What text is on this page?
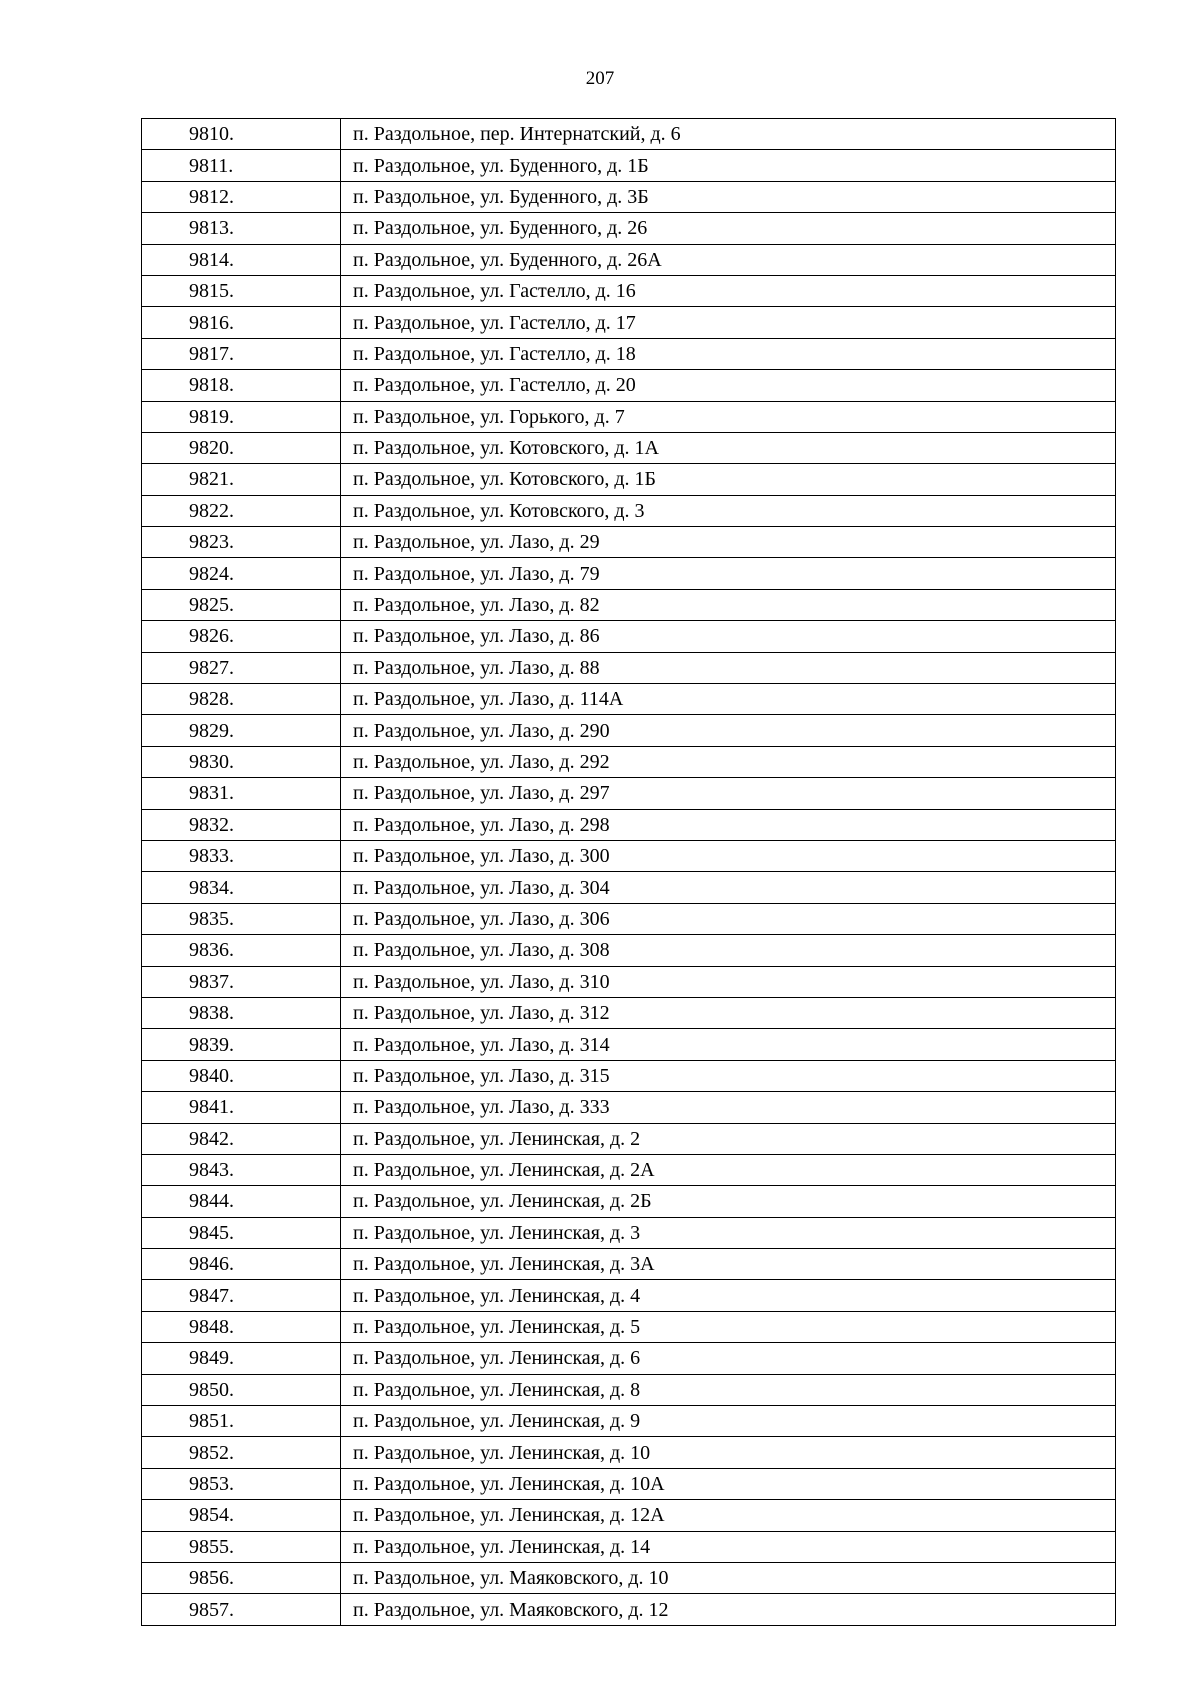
207
9810.	п. Раздольное, пер. Интернатский, д. 6
9811.	п. Раздольное, ул. Буденного, д. 1Б
9812.	п. Раздольное, ул. Буденного, д. 3Б
9813.	п. Раздольное, ул. Буденного, д. 26
9814.	п. Раздольное, ул. Буденного, д. 26А
9815.	п. Раздольное, ул. Гастелло, д. 16
9816.	п. Раздольное, ул. Гастелло, д. 17
9817.	п. Раздольное, ул. Гастелло, д. 18
9818.	п. Раздольное, ул. Гастелло, д. 20
9819.	п. Раздольное, ул. Горького, д. 7
9820.	п. Раздольное, ул. Котовского, д. 1А
9821.	п. Раздольное, ул. Котовского, д. 1Б
9822.	п. Раздольное, ул. Котовского, д. 3
9823.	п. Раздольное, ул. Лазо, д. 29
9824.	п. Раздольное, ул. Лазо, д. 79
9825.	п. Раздольное, ул. Лазо, д. 82
9826.	п. Раздольное, ул. Лазо, д. 86
9827.	п. Раздольное, ул. Лазо, д. 88
9828.	п. Раздольное, ул. Лазо, д. 114А
9829.	п. Раздольное, ул. Лазо, д. 290
9830.	п. Раздольное, ул. Лазо, д. 292
9831.	п. Раздольное, ул. Лазо, д. 297
9832.	п. Раздольное, ул. Лазо, д. 298
9833.	п. Раздольное, ул. Лазо, д. 300
9834.	п. Раздольное, ул. Лазо, д. 304
9835.	п. Раздольное, ул. Лазо, д. 306
9836.	п. Раздольное, ул. Лазо, д. 308
9837.	п. Раздольное, ул. Лазо, д. 310
9838.	п. Раздольное, ул. Лазо, д. 312
9839.	п. Раздольное, ул. Лазо, д. 314
9840.	п. Раздольное, ул. Лазо, д. 315
9841.	п. Раздольное, ул. Лазо, д. 333
9842.	п. Раздольное, ул. Ленинская, д. 2
9843.	п. Раздольное, ул. Ленинская, д. 2А
9844.	п. Раздольное, ул. Ленинская, д. 2Б
9845.	п. Раздольное, ул. Ленинская, д. 3
9846.	п. Раздольное, ул. Ленинская, д. 3А
9847.	п. Раздольное, ул. Ленинская, д. 4
9848.	п. Раздольное, ул. Ленинская, д. 5
9849.	п. Раздольное, ул. Ленинская, д. 6
9850.	п. Раздольное, ул. Ленинская, д. 8
9851.	п. Раздольное, ул. Ленинская, д. 9
9852.	п. Раздольное, ул. Ленинская, д. 10
9853.	п. Раздольное, ул. Ленинская, д. 10А
9854.	п. Раздольное, ул. Ленинская, д. 12А
9855.	п. Раздольное, ул. Ленинская, д. 14
9856.	п. Раздольное, ул. Маяковского, д. 10
9857.	п. Раздольное, ул. Маяковского, д. 12
